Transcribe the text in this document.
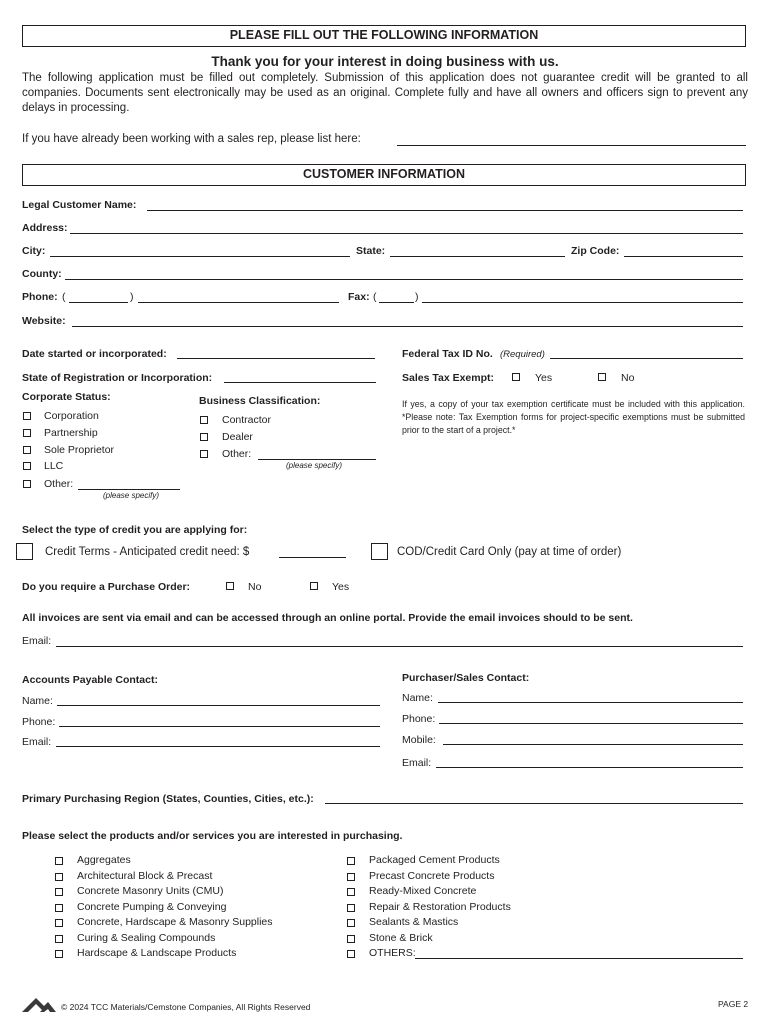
PLEASE FILL OUT THE FOLLOWING INFORMATION
Thank you for your interest in doing business with us.
The following application must be filled out completely. Submission of this application does not guarantee credit will be granted to all companies. Documents sent electronically may be used as an original. Complete fully and have all owners and officers sign to prevent any delays in processing.
If you have already been working with a sales rep, please list here:
CUSTOMER INFORMATION
Legal Customer Name:
Address:
City:	State:	Zip Code:
County:
Phone: (	)	Fax: (	)
Website:
Date started or incorporated:	Federal Tax ID No. (Required)
State of Registration or Incorporation:	Sales Tax Exempt:	Yes	No
Corporate Status:
Corporation
Partnership
Sole Proprietor
LLC
Other:
(please specify)
Business Classification:
Contractor
Dealer
Other:
(please specify)
If yes, a copy of your tax exemption certificate must be included with this application. *Please note: Tax Exemption forms for project-specific exemptions must be submitted prior to the start of a project.*
Select the type of credit you are applying for:
Credit Terms - Anticipated credit need: $	COD/Credit Card Only (pay at time of order)
Do you require a Purchase Order:	No	Yes
All invoices are sent via email and can be accessed through an online portal. Provide the email invoices should to be sent.
Email:
Accounts Payable Contact:
Name:
Phone:
Email:
Purchaser/Sales Contact:
Name:
Phone:
Mobile:
Email:
Primary Purchasing Region (States, Counties, Cities, etc.):
Please select the products and/or services you are interested in purchasing.
Aggregates
Architectural Block & Precast
Concrete Masonry Units (CMU)
Concrete Pumping & Conveying
Concrete, Hardscape & Masonry Supplies
Curing & Sealing Compounds
Hardscape & Landscape Products
Packaged Cement Products
Precast Concrete Products
Ready-Mixed Concrete
Repair & Restoration Products
Sealants & Mastics
Stone & Brick
OTHERS:
© 2024 TCC Materials/Cemstone Companies, All Rights Reserved	PAGE 2
